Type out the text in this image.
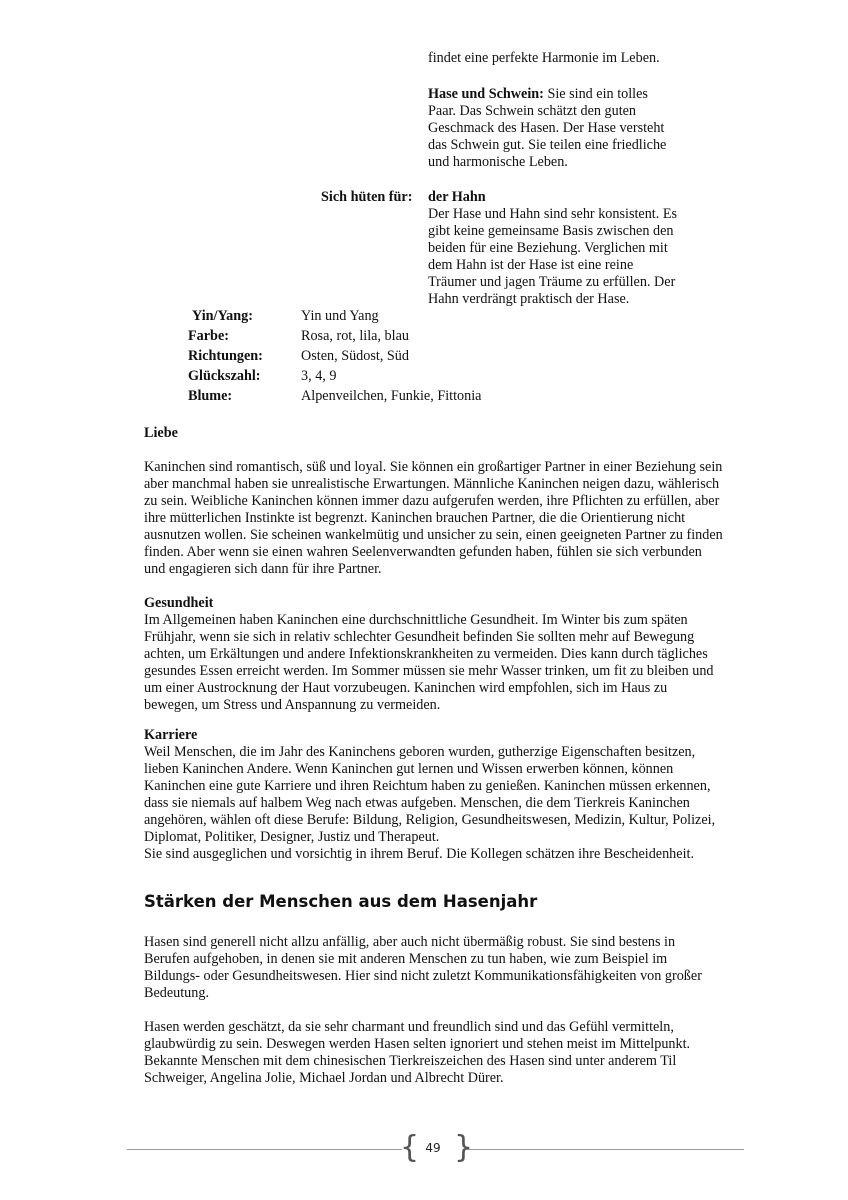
findet eine perfekte Harmonie im Leben.

Hase und Schwein: Sie sind ein tolles

Paar. Das Schwein schätzt den guten

Geschmack des Hasen. Der Hase versteht

das Schwein gut. Sie teilen eine friedliche

und harmonische Leben.

Sich hüten für:	der Hahn

Der Hase und Hahn sind sehr konsistent. Es

gibt keine gemeinsame Basis zwischen den

beiden für eine Beziehung. Verglichen mit

dem Hahn ist der Hase ist eine reine

Träumer und jagen Träume zu erfüllen. Der

Hahn verdrängt praktisch der Hase.

Yin/Yang:	Yin und Yang
Farbe:	Rosa, rot, lila, blau
Richtungen:	Osten, Südost, Süd
Glückszahl:	3, 4, 9
Blume:	Alpenveilchen, Funkie, Fittonia

Liebe

Kaninchen sind romantisch, süß und loyal. Sie können ein großartiger Partner in einer Beziehung sein

aber manchmal haben sie unrealistische Erwartungen. Männliche Kaninchen neigen dazu, wählerisch

zu sein. Weibliche Kaninchen können immer dazu aufgerufen werden, ihre Pflichten zu erfüllen, aber

ihre mütterlichen Instinkte ist begrenzt. Kaninchen brauchen Partner, die die Orientierung nicht

ausnutzen wollen. Sie scheinen wankelmütig und unsicher zu sein, einen geeigneten Partner zu finden

finden. Aber wenn sie einen wahren Seelenverwandten gefunden haben, fühlen sie sich verbunden

und engagieren sich dann für ihre Partner.

Gesundheit

Im Allgemeinen haben Kaninchen eine durchschnittliche Gesundheit. Im Winter bis zum späten

Frühjahr, wenn sie sich in relativ schlechter Gesundheit befinden Sie sollten mehr auf Bewegung

achten, um Erkältungen und andere Infektionskrankheiten zu vermeiden. Dies kann durch tägliches

gesundes Essen erreicht werden. Im Sommer müssen sie mehr Wasser trinken, um fit zu bleiben und

um einer Austrocknung der Haut vorzubeugen. Kaninchen wird empfohlen, sich im Haus zu

bewegen, um Stress und Anspannung zu vermeiden.

Karriere

Weil Menschen, die im Jahr des Kaninchens geboren wurden, gutherzige Eigenschaften besitzen,

lieben Kaninchen Andere. Wenn Kaninchen gut lernen und Wissen erwerben können, können

Kaninchen eine gute Karriere und ihren Reichtum haben zu genießen. Kaninchen müssen erkennen,

dass sie niemals auf halbem Weg nach etwas aufgeben. Menschen, die dem Tierkreis Kaninchen

angehören, wählen oft diese Berufe: Bildung, Religion, Gesundheitswesen, Medizin, Kultur, Polizei,

Diplomat, Politiker, Designer, Justiz und Therapeut.

Sie sind ausgeglichen und vorsichtig in ihrem Beruf. Die Kollegen schätzen ihre Bescheidenheit.

Stärken der Menschen aus dem Hasenjahr

Hasen sind generell nicht allzu anfällig, aber auch nicht übermäßig robust. Sie sind bestens in

Berufen aufgehoben, in denen sie mit anderen Menschen zu tun haben, wie zum Beispiel im

Bildungs- oder Gesundheitswesen. Hier sind nicht zuletzt Kommunikationsfähigkeiten von großer

Bedeutung.

Hasen werden geschätzt, da sie sehr charmant und freundlich sind und das Gefühl vermitteln,

glaubwürdig zu sein. Deswegen werden Hasen selten ignoriert und stehen meist im Mittelpunkt.

Bekannte Menschen mit dem chinesischen Tierkreiszeichen des Hasen sind unter anderem Til

Schweiger, Angelina Jolie, Michael Jordan und Albrecht Dürer.

{ }
49
